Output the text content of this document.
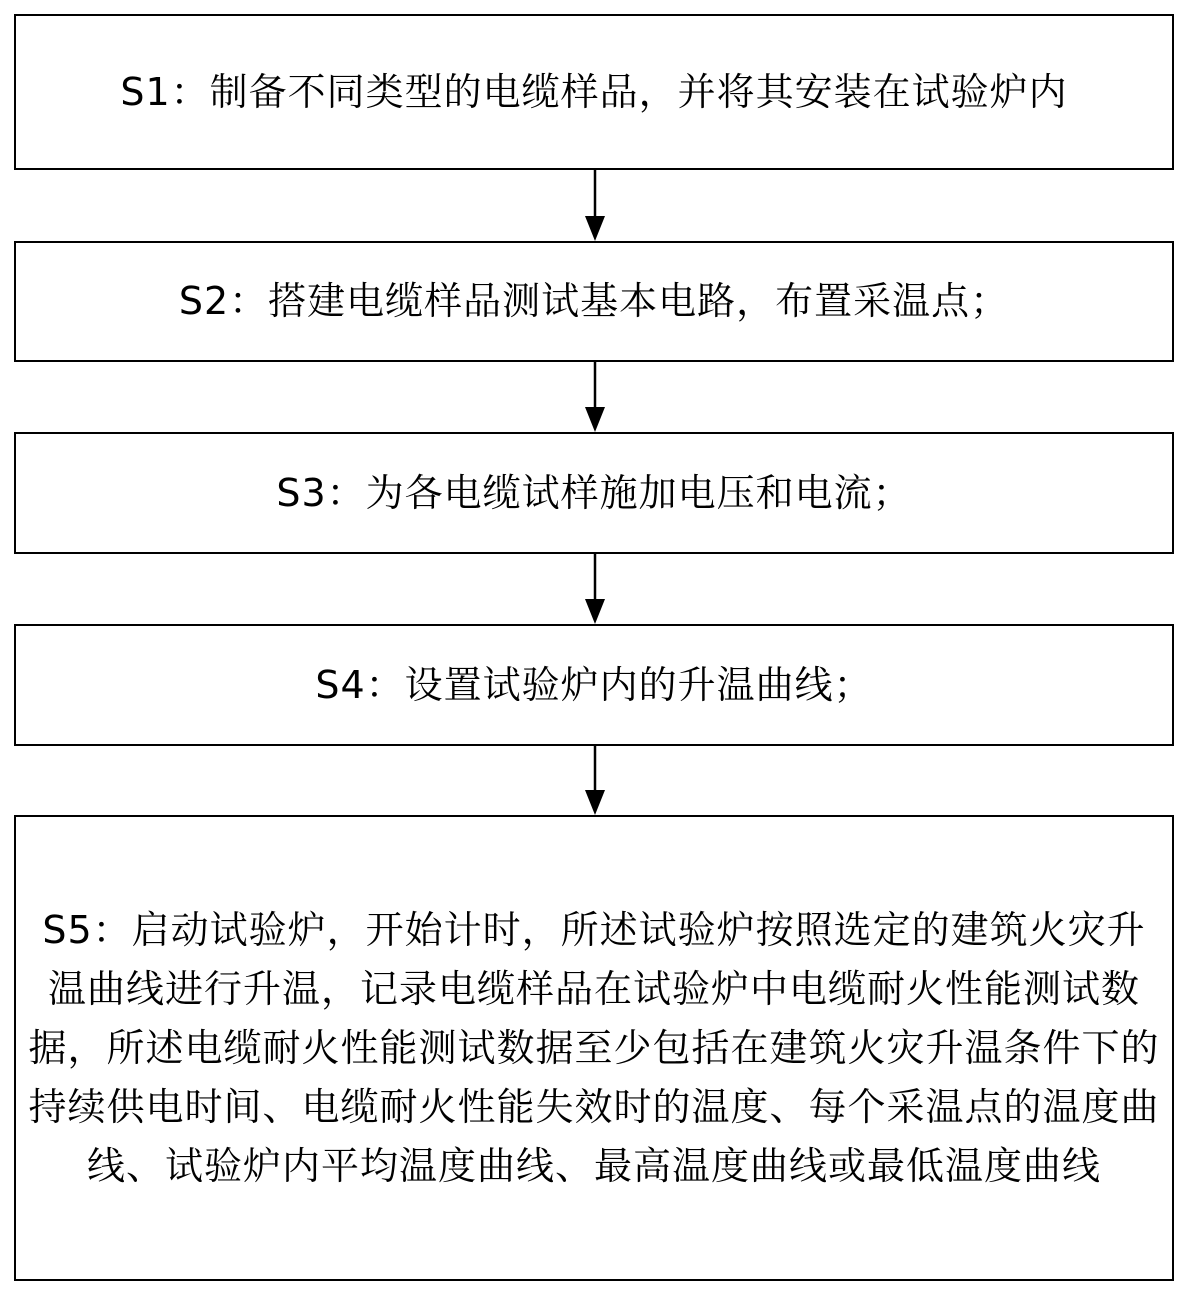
S1：制备不同类型的电缆样品，并将其安装在试验炉内
S2：搭建电缆样品测试基本电路，布置采温点；
S3：为各电缆试样施加电压和电流；
S4：设置试验炉内的升温曲线；
S5：启动试验炉，开始计时，所述试验炉按照选定的建筑火灾升温曲线进行升温，记录电缆样品在试验炉中电缆耐火性能测试数据，所述电缆耐火性能测试数据至少包括在建筑火灾升温条件下的持续供电时间、电缆耐火性能失效时的温度、每个采温点的温度曲线、试验炉内平均温度曲线、最高温度曲线或最低温度曲线
